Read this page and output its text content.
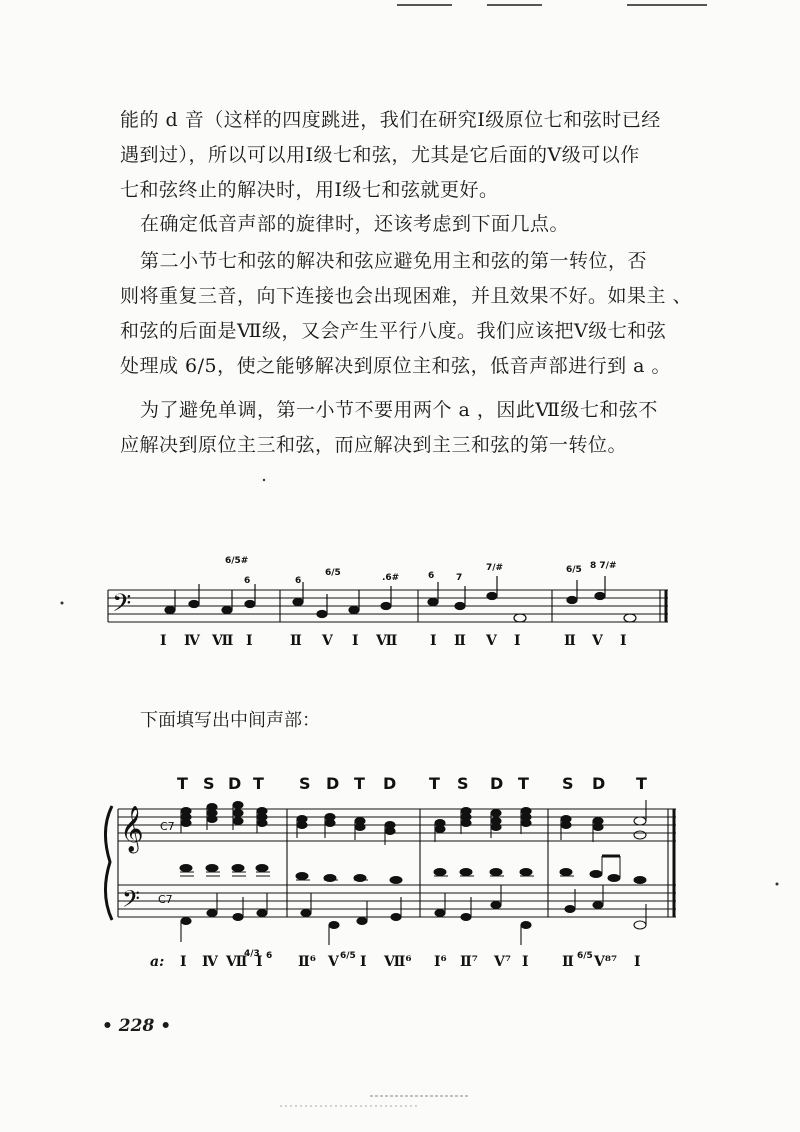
能的 d 音（这样的四度跳进，我们在研究Ⅰ级原位七和弦时已经
遇到过），所以可以用Ⅰ级七和弦，尤其是它后面的Ⅴ级可以作
七和弦终止的解决时，用Ⅰ级七和弦就更好。
在确定低音声部的旋律时，还该考虑到下面几点。
第二小节七和弦的解决和弦应避免用主和弦的第一转位，否
则将重复三音，向下连接也会出现困难，并且效果不好。如果主 、
和弦的后面是Ⅶ级，又会产生平行八度。我们应该把Ⅴ级七和弦
处理成 6/5，使之能够解决到原位主和弦，低音声部进行到 a 。
为了避免单调，第一小节不要用两个 a ，因此Ⅶ级七和弦不
应解决到原位主三和弦，而应解决到主三和弦的第一转位。
𝄢
6/5#
6	6
6/5	.6#	6 7
7/#	6/5 8 7/#
Ⅰ Ⅳ Ⅶ Ⅰ	Ⅱ Ⅴ Ⅰ Ⅶ Ⅰ Ⅱ Ⅴ Ⅰ	Ⅱ Ⅴ Ⅰ
T S D T S D T D T S D T S D T
𝄞
𝄢
C7
C7
a: Ⅰ Ⅳ Ⅶ
4/3
Ⅰ 6 Ⅱ⁶ Ⅴ 6/5 Ⅰ Ⅶ⁶ Ⅰ⁶ Ⅱ⁷ Ⅴ⁷ Ⅰ Ⅱ 6/5 Ⅴ⁸⁷ Ⅰ
下面填写出中间声部：
• 228 •
